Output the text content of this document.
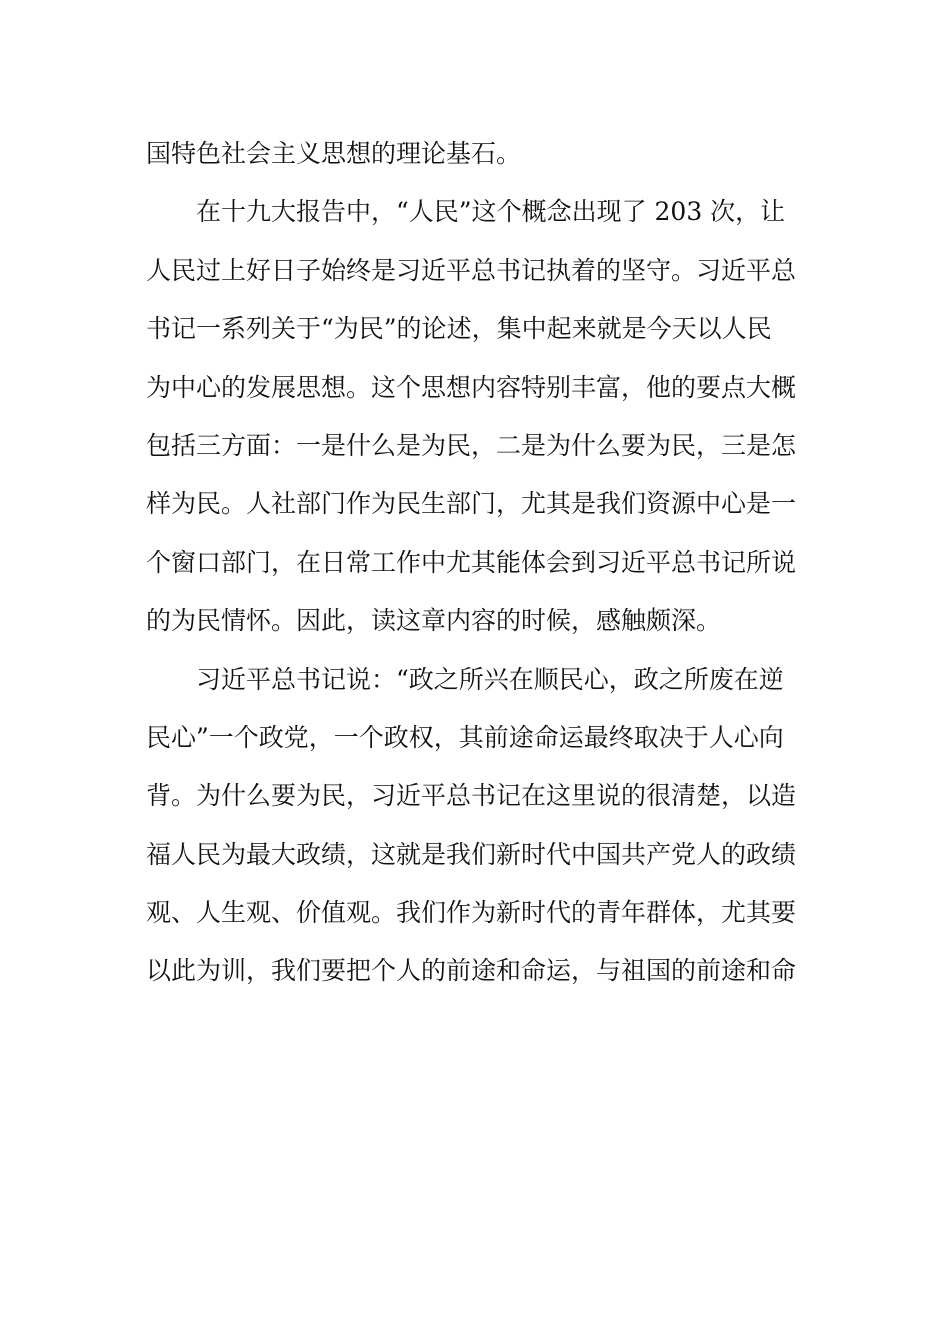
国特色社会主义思想的理论基石。
在十九大报告中，“人民”这个概念出现了 203 次，让
人民过上好日子始终是习近平总书记执着的坚守。习近平总
书记一系列关于“为民”的论述，集中起来就是今天以人民
为中心的发展思想。这个思想内容特别丰富，他的要点大概
包括三方面：一是什么是为民，二是为什么要为民，三是怎
样为民。人社部门作为民生部门，尤其是我们资源中心是一
个窗口部门，在日常工作中尤其能体会到习近平总书记所说
的为民情怀。因此，读这章内容的时候，感触颇深。
习近平总书记说：“政之所兴在顺民心，政之所废在逆
民心”一个政党，一个政权，其前途命运最终取决于人心向
背。为什么要为民，习近平总书记在这里说的很清楚，以造
福人民为最大政绩，这就是我们新时代中国共产党人的政绩
观、人生观、价值观。我们作为新时代的青年群体，尤其要
以此为训，我们要把个人的前途和命运，与祖国的前途和命
